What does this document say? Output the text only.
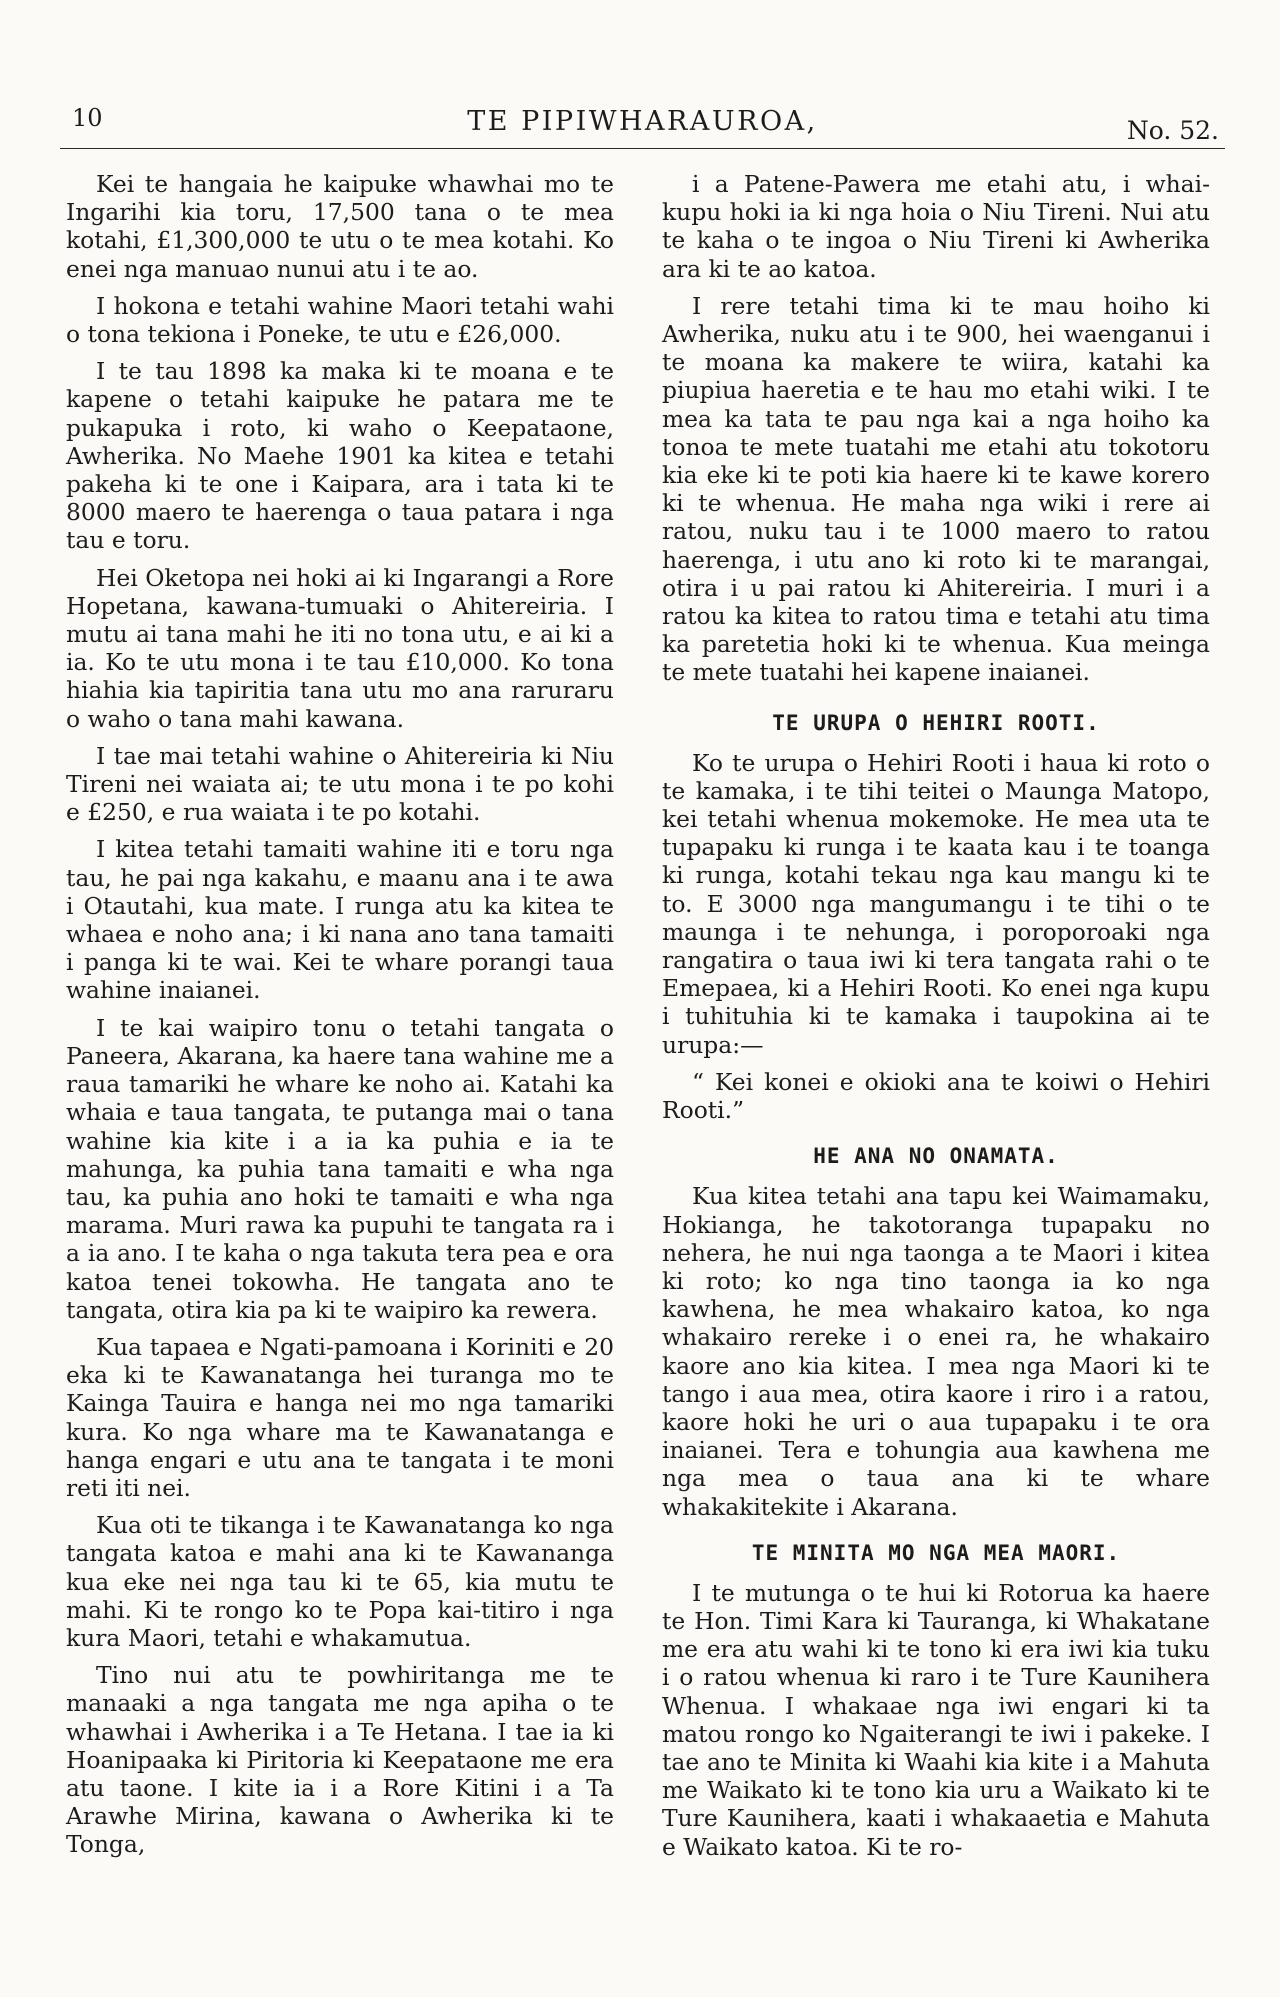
10	TE PIPIWHARAUROA,	No. 52.

Kei te hangaia he kaipuke whawhai mo te Ingarihi kia toru, 17,500 tana o te mea kotahi, £1,300,000 te utu o te mea kotahi. Ko enei nga manuao nunui atu i te ao.

I hokona e tetahi wahine Maori tetahi wahi o tona tekiona i Poneke, te utu e £26,000.

I te tau 1898 ka maka ki te moana e te kapene o tetahi kaipuke he patara me te pukapuka i roto, ki waho o Keepataone, Awherika. No Maehe 1901 ka kitea e tetahi pakeha ki te one i Kaipara, ara i tata ki te 8000 maero te haerenga o taua patara i nga tau e toru.

Hei Oketopa nei hoki ai ki Ingarangi a Rore Hopetana, kawana-tumuaki o Ahitereiria. I mutu ai tana mahi he iti no tona utu, e ai ki a ia. Ko te utu mona i te tau £10,000. Ko tona hiahia kia tapiritia tana utu mo ana raruraru o waho o tana mahi kawana.

I tae mai tetahi wahine o Ahitereiria ki Niu Tireni nei waiata ai; te utu mona i te po kohi e £250, e rua waiata i te po kotahi.

I kitea tetahi tamaiti wahine iti e toru nga tau, he pai nga kakahu, e maanu ana i te awa i Otautahi, kua mate. I runga atu ka kitea te whaea e noho ana; i ki nana ano tana tamaiti i panga ki te wai. Kei te whare porangi taua wahine inaianei.

I te kai waipiro tonu o tetahi tangata o Paneera, Akarana, ka haere tana wahine me a raua tamariki he whare ke noho ai. Katahi ka whaia e taua tangata, te putanga mai o tana wahine kia kite i a ia ka puhia e ia te mahunga, ka puhia tana tamaiti e wha nga tau, ka puhia ano hoki te tamaiti e wha nga marama. Muri rawa ka pupuhi te tangata ra i a ia ano. I te kaha o nga takuta tera pea e ora katoa tenei tokowha. He tangata ano te tangata, otira kia pa ki te waipiro ka rewera.

Kua tapaea e Ngati-pamoana i Koriniti e 20 eka ki te Kawanatanga hei turanga mo te Kainga Tauira e hanga nei mo nga tamariki kura. Ko nga whare ma te Kawanatanga e hanga engari e utu ana te tangata i te moni reti iti nei.

Kua oti te tikanga i te Kawanatanga ko nga tangata katoa e mahi ana ki te Kawananga kua eke nei nga tau ki te 65, kia mutu te mahi. Ki te rongo ko te Popa kai-titiro i nga kura Maori, tetahi e whakamutua.

Tino nui atu te powhiritanga me te manaaki a nga tangata me nga apiha o te whawhai i Awherika i a Te Hetana. I tae ia ki Hoanipaaka ki Piritoria ki Keepataone me era atu taone. I kite ia i a Rore Kitini i a Ta Arawhe Mirina, kawana o Awherika ki te Tonga,

i a Patene-Pawera me etahi atu, i whai-kupu hoki ia ki nga hoia o Niu Tireni. Nui atu te kaha o te ingoa o Niu Tireni ki Awherika ara ki te ao katoa.

I rere tetahi tima ki te mau hoiho ki Awherika, nuku atu i te 900, hei waenganui i te moana ka makere te wiira, katahi ka piupiua haeretia e te hau mo etahi wiki. I te mea ka tata te pau nga kai a nga hoiho ka tonoa te mete tuatahi me etahi atu tokotoru kia eke ki te poti kia haere ki te kawe korero ki te whenua. He maha nga wiki i rere ai ratou, nuku tau i te 1000 maero to ratou haerenga, i utu ano ki roto ki te marangai, otira i u pai ratou ki Ahitereiria. I muri i a ratou ka kitea to ratou tima e tetahi atu tima ka paretetia hoki ki te whenua. Kua meinga te mete tuatahi hei kapene inaianei.

TE URUPA O HEHIRI ROOTI.

Ko te urupa o Hehiri Rooti i haua ki roto o te kamaka, i te tihi teitei o Maunga Matopo, kei tetahi whenua mokemoke. He mea uta te tupapaku ki runga i te kaata kau i te toanga ki runga, kotahi tekau nga kau mangu ki te to. E 3000 nga mangumangu i te tihi o te maunga i te nehunga, i poroporoaki nga rangatira o taua iwi ki tera tangata rahi o te Emepaea, ki a Hehiri Rooti. Ko enei nga kupu i tuhituhia ki te kamaka i taupokina ai te urupa:—

“ Kei konei e okioki ana te koiwi o Hehiri Rooti.”

HE ANA NO ONAMATA.

Kua kitea tetahi ana tapu kei Waimamaku, Hokianga, he takotoranga tupapaku no nehera, he nui nga taonga a te Maori i kitea ki roto; ko nga tino taonga ia ko nga kawhena, he mea whakairo katoa, ko nga whakairo rereke i o enei ra, he whakairo kaore ano kia kitea. I mea nga Maori ki te tango i aua mea, otira kaore i riro i a ratou, kaore hoki he uri o aua tupapaku i te ora inaianei. Tera e tohungia aua kawhena me nga mea o taua ana ki te whare whakakitekite i Akarana.

TE MINITA MO NGA MEA MAORI.

I te mutunga o te hui ki Rotorua ka haere te Hon. Timi Kara ki Tauranga, ki Whakatane me era atu wahi ki te tono ki era iwi kia tuku i o ratou whenua ki raro i te Ture Kaunihera Whenua. I whakaae nga iwi engari ki ta matou rongo ko Ngaiterangi te iwi i pakeke. I tae ano te Minita ki Waahi kia kite i a Mahuta me Waikato ki te tono kia uru a Waikato ki te Ture Kaunihera, kaati i whakaaetia e Mahuta e Waikato katoa. Ki te ro-
